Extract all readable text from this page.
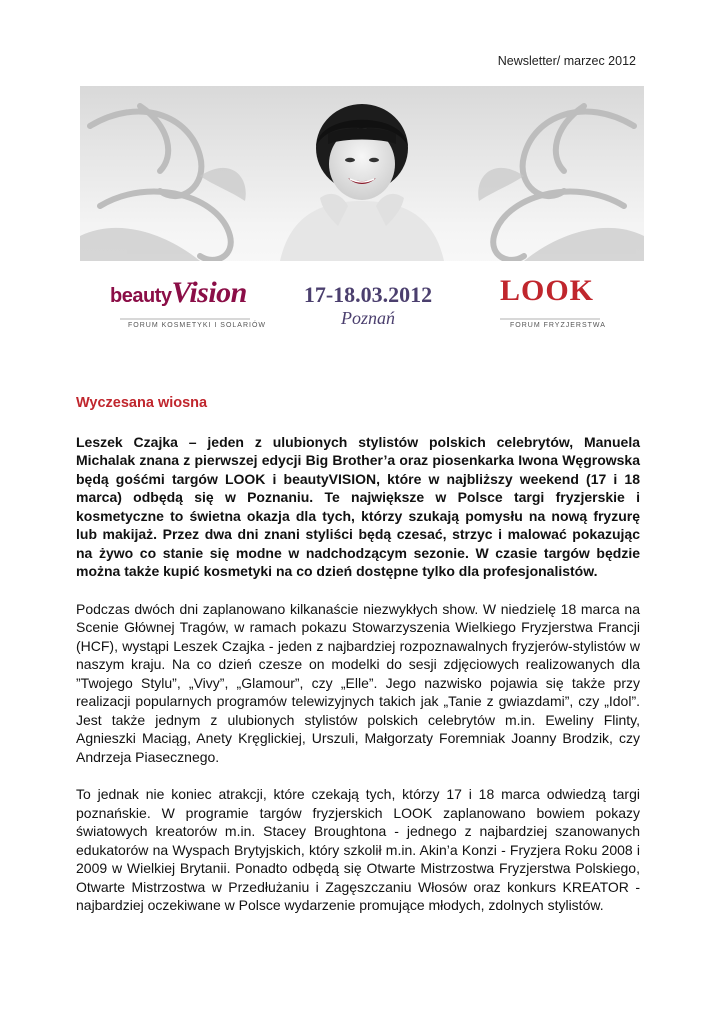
Newsletter/ marzec 2012
beautyVision
FORUM KOSMETYKI I SOLARIÓW
17-18.03.2012
Poznań
LOOK
FORUM FRYZJERSTWA
Wyczesana wiosna

Leszek Czajka – jeden z ulubionych stylistów polskich celebrytów, Manuela Michalak znana z pierwszej edycji Big Brother’a oraz piosenkarka Iwona Węgrowska będą gośćmi targów LOOK i beautyVISION, które w najbliższy weekend (17 i 18 marca) odbędą się w Poznaniu. Te największe w Polsce targi fryzjerskie i kosmetyczne to świetna okazja dla tych, którzy szukają pomysłu na nową fryzurę lub makijaż. Przez dwa dni znani styliści będą czesać, strzyc i malować pokazując na żywo co stanie się modne w nadchodzącym sezonie. W czasie targów będzie można także kupić kosmetyki na co dzień dostępne tylko dla profesjonalistów.

Podczas dwóch dni zaplanowano kilkanaście niezwykłych show. W niedzielę 18 marca na Scenie Głównej Tragów, w ramach pokazu Stowarzyszenia Wielkiego Fryzjerstwa Francji (HCF), wystąpi Leszek Czajka - jeden z najbardziej rozpoznawalnych fryzjerów-stylistów w naszym kraju. Na co dzień czesze on modelki do sesji zdjęciowych realizowanych dla ”Twojego Stylu”, „Vivy”, „Glamour”, czy „Elle”. Jego nazwisko pojawia się także przy realizacji popularnych programów telewizyjnych takich jak „Tanie z gwiazdami”, czy „Idol”. Jest także jednym z ulubionych stylistów polskich celebrytów m.in. Eweliny Flinty, Agnieszki Maciąg, Anety Kręglickiej, Urszuli, Małgorzaty Foremniak Joanny Brodzik, czy Andrzeja Piasecznego.

To jednak nie koniec atrakcji, które czekają tych, którzy 17 i 18 marca odwiedzą targi poznańskie. W programie targów fryzjerskich LOOK zaplanowano bowiem pokazy światowych kreatorów m.in. Stacey Broughtona - jednego z najbardziej szanowanych edukatorów na Wyspach Brytyjskich, który szkolił m.in. Akin’a Konzi - Fryzjera Roku 2008 i 2009 w Wielkiej Brytanii. Ponadto odbędą się Otwarte Mistrzostwa Fryzjerstwa Polskiego, Otwarte Mistrzostwa w Przedłużaniu i Zagęszczaniu Włosów oraz konkurs KREATOR - najbardziej oczekiwane w Polsce wydarzenie promujące młodych, zdolnych stylistów.
